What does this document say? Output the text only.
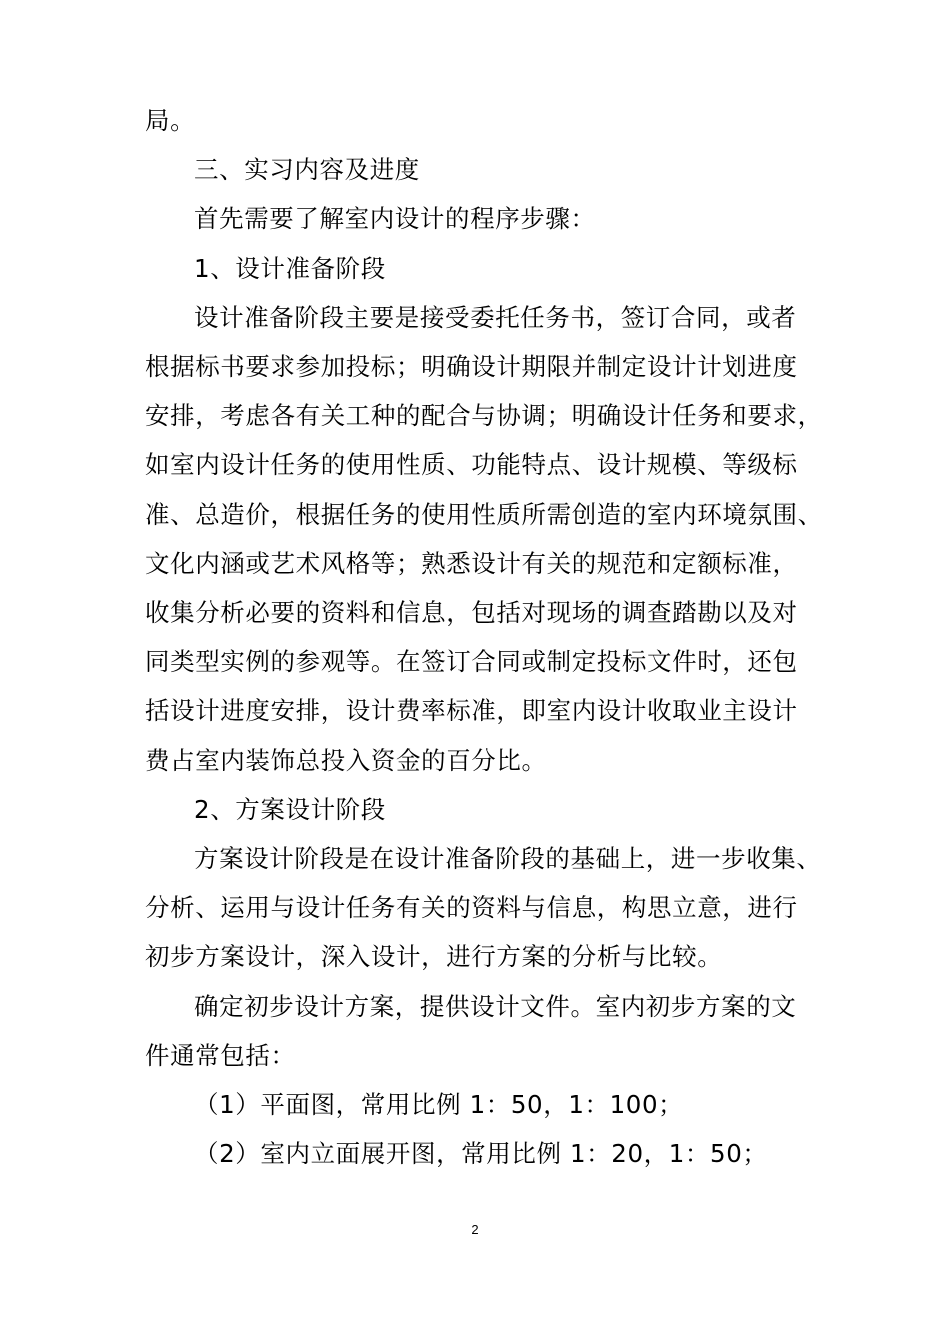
局。

三、实习内容及进度

首先需要了解室内设计的程序步骤：

1、设计准备阶段

设计准备阶段主要是接受委托任务书，签订合同，或者

根据标书要求参加投标；明确设计期限并制定设计计划进度

安排，考虑各有关工种的配合与协调；明确设计任务和要求，

如室内设计任务的使用性质、功能特点、设计规模、等级标

准、总造价，根据任务的使用性质所需创造的室内环境氛围、

文化内涵或艺术风格等；熟悉设计有关的规范和定额标准，

收集分析必要的资料和信息，包括对现场的调查踏勘以及对

同类型实例的参观等。在签订合同或制定投标文件时，还包

括设计进度安排，设计费率标准，即室内设计收取业主设计

费占室内装饰总投入资金的百分比。

2、方案设计阶段

方案设计阶段是在设计准备阶段的基础上，进一步收集、

分析、运用与设计任务有关的资料与信息，构思立意，进行

初步方案设计，深入设计，进行方案的分析与比较。

确定初步设计方案，提供设计文件。室内初步方案的文

件通常包括：

（1）平面图，常用比例 1：50，1：100；

（2）室内立面展开图，常用比例 1：20，1：50；

2
